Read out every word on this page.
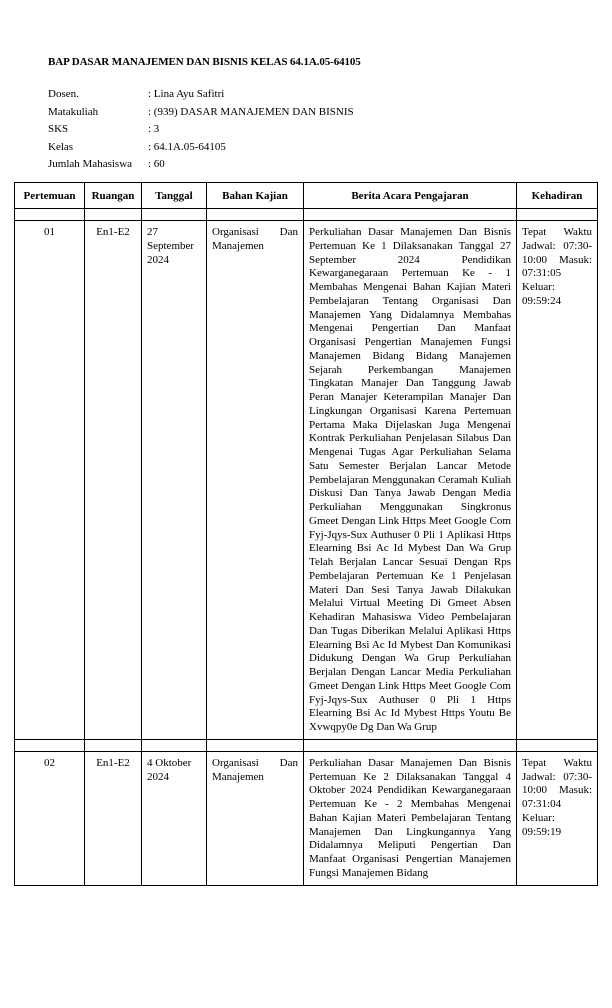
BAP DASAR MANAJEMEN DAN BISNIS KELAS 64.1A.05-64105
Dosen.	: Lina Ayu Safitri
Matakuliah	: (939) DASAR MANAJEMEN DAN BISNIS
SKS	: 3
Kelas	: 64.1A.05-64105
Jumlah Mahasiswa	: 60
Pertemuan	Ruangan	Tanggal	Bahan Kajian	Berita Acara Pengajaran	Kehadiran

01	En1-E2	27 September 2024	Organisasi Dan Manajemen	Perkuliahan Dasar Manajemen Dan Bisnis Pertemuan Ke 1 Dilaksanakan Tanggal 27 September 2024 Pendidikan Kewarganegaraan Pertemuan Ke - 1 Membahas Mengenai Bahan Kajian Materi Pembelajaran Tentang Organisasi Dan Manajemen Yang Didalamnya Membahas Mengenai Pengertian Dan Manfaat Organisasi Pengertian Manajemen Fungsi Manajemen Bidang Bidang Manajemen Sejarah Perkembangan Manajemen Tingkatan Manajer Dan Tanggung Jawab Peran Manajer Keterampilan Manajer Dan Lingkungan Organisasi Karena Pertemuan Pertama Maka Dijelaskan Juga Mengenai Kontrak Perkuliahan Penjelasan Silabus Dan Mengenai Tugas Agar Perkuliahan Selama Satu Semester Berjalan Lancar Metode Pembelajaran Menggunakan Ceramah Kuliah Diskusi Dan Tanya Jawab Dengan Media Perkuliahan Menggunakan Singkronus Gmeet Dengan Link Https Meet Google Com Fyj-Jqys-Sux Authuser 0 Pli 1 Aplikasi Https Elearning Bsi Ac Id Mybest Dan Wa Grup Telah Berjalan Lancar Sesuai Dengan Rps Pembelajaran Pertemuan Ke 1 Penjelasan Materi Dan Sesi Tanya Jawab Dilakukan Melalui Virtual Meeting Di Gmeet Absen Kehadiran Mahasiswa Video Pembelajaran Dan Tugas Diberikan Melalui Aplikasi Https Elearning Bsi Ac Id Mybest Dan Komunikasi Didukung Dengan Wa Grup Perkuliahan Berjalan Dengan Lancar Media Perkuliahan Gmeet Dengan Link Https Meet Google Com Fyj-Jqys-Sux Authuser 0 Pli 1 Https Elearning Bsi Ac Id Mybest Https Youtu Be Xvwqpy0e Dg Dan Wa Grup	Tepat Waktu Jadwal: 07:30-10:00 Masuk: 07:31:05 Keluar: 09:59:24

02	En1-E2	4 Oktober 2024	Organisasi Dan Manajemen	Perkuliahan Dasar Manajemen Dan Bisnis Pertemuan Ke 2 Dilaksanakan Tanggal 4 Oktober 2024 Pendidikan Kewarganegaraan Pertemuan Ke - 2 Membahas Mengenai Bahan Kajian Materi Pembelajaran Tentang Manajemen Dan Lingkungannya Yang Didalamnya Meliputi Pengertian Dan Manfaat Organisasi Pengertian Manajemen Fungsi Manajemen Bidang	Tepat Waktu Jadwal: 07:30-10:00 Masuk: 07:31:04 Keluar: 09:59:19
